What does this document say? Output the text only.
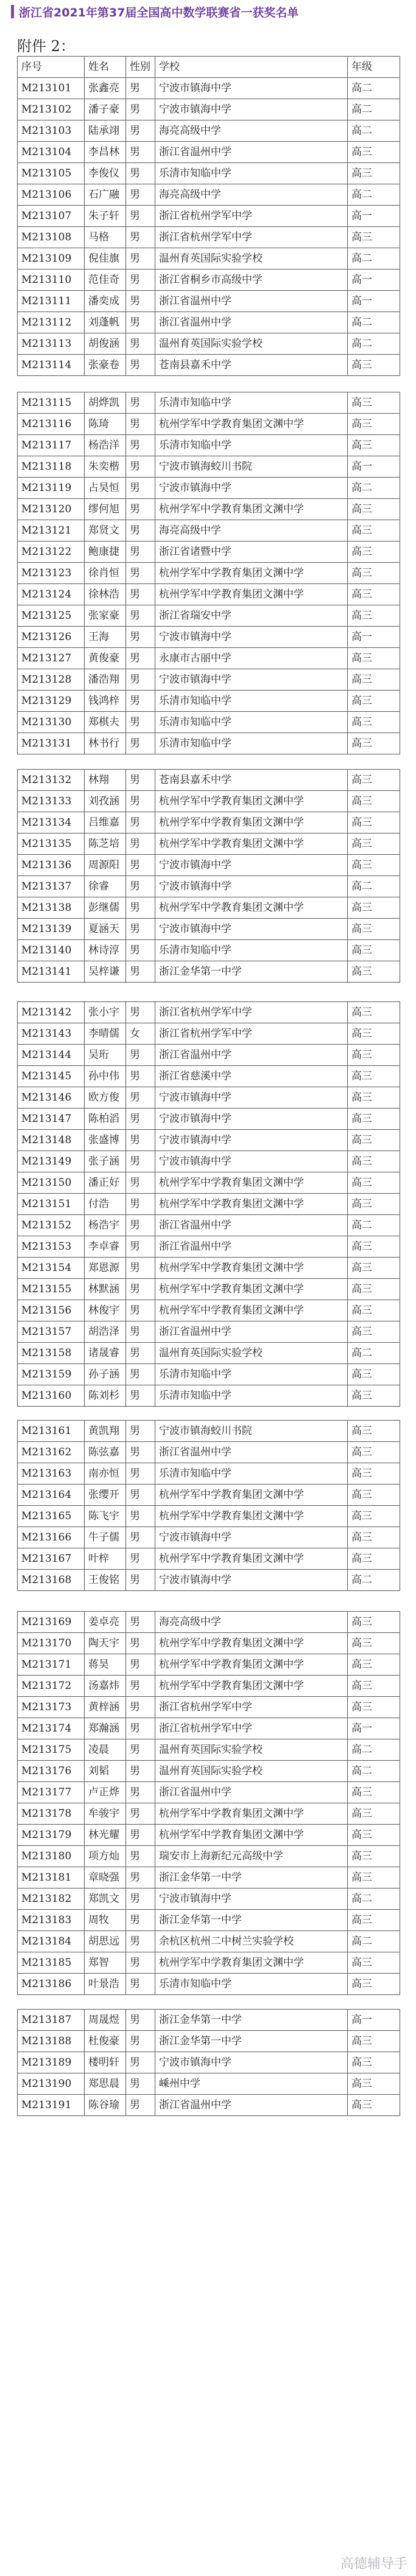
浙江省2021年第37届全国高中数学联赛省一获奖名单
附件 2：
序号	姓名	性别	学校	年级
M213101	张鑫亮	男	宁波市镇海中学	高二
M213102	潘子豪	男	宁波市镇海中学	高二
M213103	陆承翊	男	海亮高级中学	高二
M213104	李昌林	男	浙江省温州中学	高三
M213105	李俊仪	男	乐清市知临中学	高三
M213106	石广融	男	海亮高级中学	高二
M213107	朱子轩	男	浙江省杭州学军中学	高一
M213108	马格	男	浙江省杭州学军中学	高三
M213109	倪佳旗	男	温州育英国际实验学校	高二
M213110	范佳奇	男	浙江省桐乡市高级中学	高一
M213111	潘奕成	男	浙江省温州中学	高一
M213112	刘蓬帆	男	浙江省温州中学	高二
M213113	胡俊涵	男	温州育英国际实验学校	高二
M213114	张豪卷	男	苍南县嘉禾中学	高三
M213115	胡烨凯	男	乐清市知临中学	高三
M213116	陈琦	男	杭州学军中学教育集团文渊中学	高三
M213117	杨浩洋	男	乐清市知临中学	高三
M213118	朱奕楷	男	宁波市镇海蛟川书院	高一
M213119	占昊恒	男	宁波市镇海中学	高二
M213120	缪何旭	男	杭州学军中学教育集团文渊中学	高三
M213121	郑贤文	男	海亮高级中学	高三
M213122	鲍康捷	男	浙江省诸暨中学	高三
M213123	徐肖恒	男	杭州学军中学教育集团文渊中学	高三
M213124	徐林浩	男	杭州学军中学教育集团文渊中学	高三
M213125	张家豪	男	浙江省瑞安中学	高三
M213126	王海	男	宁波市镇海中学	高一
M213127	黄俊豪	男	永康市古丽中学	高三
M213128	潘浩翔	男	宁波市镇海中学	高三
M213129	钱鸿梓	男	乐清市知临中学	高三
M213130	郑棋夫	男	乐清市知临中学	高三
M213131	林书行	男	乐清市知临中学	高三
M213132	林翔	男	苍南县嘉禾中学	高三
M213133	刘孜涵	男	杭州学军中学教育集团文渊中学	高三
M213134	吕维嘉	男	杭州学军中学教育集团文渊中学	高三
M213135	陈芝培	男	杭州学军中学教育集团文渊中学	高三
M213136	周源阳	男	宁波市镇海中学	高三
M213137	徐睿	男	宁波市镇海中学	高二
M213138	彭继儒	男	杭州学军中学教育集团文渊中学	高三
M213139	夏涵天	男	宁波市镇海中学	高三
M213140	林诗淳	男	乐清市知临中学	高三
M213141	吴梓谦	男	浙江金华第一中学	高三
M213142	张小宇	男	浙江省杭州学军中学	高三
M213143	李晴儒	女	浙江省杭州学军中学	高三
M213144	吴珩	男	浙江省温州中学	高三
M213145	孙中伟	男	浙江省慈溪中学	高三
M213146	欧方俊	男	宁波市镇海中学	高三
M213147	陈柏滔	男	宁波市镇海中学	高三
M213148	张盛博	男	宁波市镇海中学	高三
M213149	张子涵	男	宁波市镇海中学	高三
M213150	潘正好	男	杭州学军中学教育集团文渊中学	高三
M213151	付浩	男	杭州学军中学教育集团文渊中学	高三
M213152	杨浩宇	男	浙江省温州中学	高二
M213153	李卓睿	男	浙江省温州中学	高三
M213154	郑恩源	男	杭州学军中学教育集团文渊中学	高三
M213155	林默涵	男	杭州学军中学教育集团文渊中学	高三
M213156	林俊宇	男	杭州学军中学教育集团文渊中学	高三
M213157	胡浩泽	男	浙江省温州中学	高三
M213158	诸晟睿	男	温州育英国际实验学校	高二
M213159	孙子涵	男	乐清市知临中学	高三
M213160	陈刘杉	男	乐清市知临中学	高三
M213161	黄凯翔	男	宁波市镇海蛟川书院	高三
M213162	陈弦嘉	男	浙江省温州中学	高三
M213163	南亦恒	男	乐清市知临中学	高三
M213164	张缨开	男	杭州学军中学教育集团文渊中学	高三
M213165	陈飞宇	男	杭州学军中学教育集团文渊中学	高三
M213166	牛子儒	男	宁波市镇海中学	高三
M213167	叶梓	男	杭州学军中学教育集团文渊中学	高三
M213168	王俊铭	男	宁波市镇海中学	高二
M213169	姜卓亮	男	海亮高级中学	高三
M213170	陶天宇	男	杭州学军中学教育集团文渊中学	高三
M213171	蒋昊	男	杭州学军中学教育集团文渊中学	高三
M213172	汤嘉炜	男	杭州学军中学教育集团文渊中学	高三
M213173	黄梓涵	男	浙江省杭州学军中学	高三
M213174	郑瀚涵	男	浙江省杭州学军中学	高一
M213175	凌晨	男	温州育英国际实验学校	高二
M213176	刘韬	男	温州育英国际实验学校	高二
M213177	卢正烨	男	浙江省温州中学	高三
M213178	牟骏宇	男	杭州学军中学教育集团文渊中学	高三
M213179	林光耀	男	杭州学军中学教育集团文渊中学	高三
M213180	项方灿	男	瑞安市上海新纪元高级中学	高三
M213181	章晓强	男	浙江金华第一中学	高三
M213182	郑凯文	男	宁波市镇海中学	高二
M213183	周牧	男	浙江金华第一中学	高三
M213184	胡思远	男	余杭区杭州二中树兰实验学校	高二
M213185	郑智	男	杭州学军中学教育集团文渊中学	高三
M213186	叶景浩	男	乐清市知临中学	高三
M213187	周晟煜	男	浙江金华第一中学	高一
M213188	杜俊豪	男	浙江金华第一中学	高三
M213189	楼明轩	男	宁波市镇海中学	高三
M213190	郑思晨	男	嵊州中学	高三
M213191	陈谷瑜	男	浙江省温州中学	高三
高德辅导手
